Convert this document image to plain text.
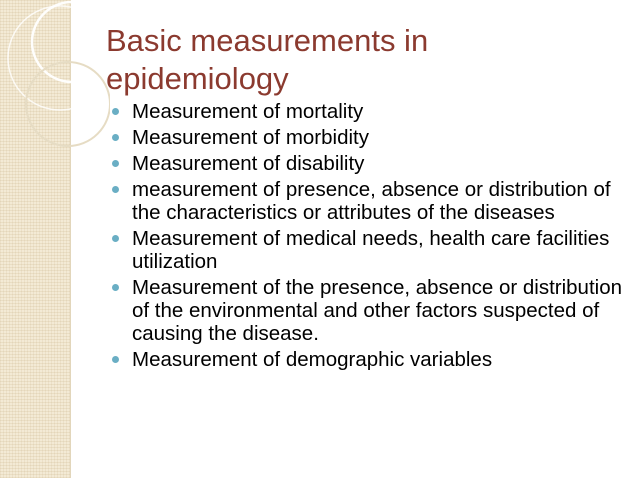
Basic measurements in epidemiology
Measurement of mortality
Measurement of morbidity
Measurement of disability
measurement of presence, absence or distribution of the characteristics or attributes of the diseases
Measurement of medical needs, health care facilities utilization
Measurement of the presence, absence or distribution of the environmental and other factors suspected of causing the disease.
Measurement of demographic variables
